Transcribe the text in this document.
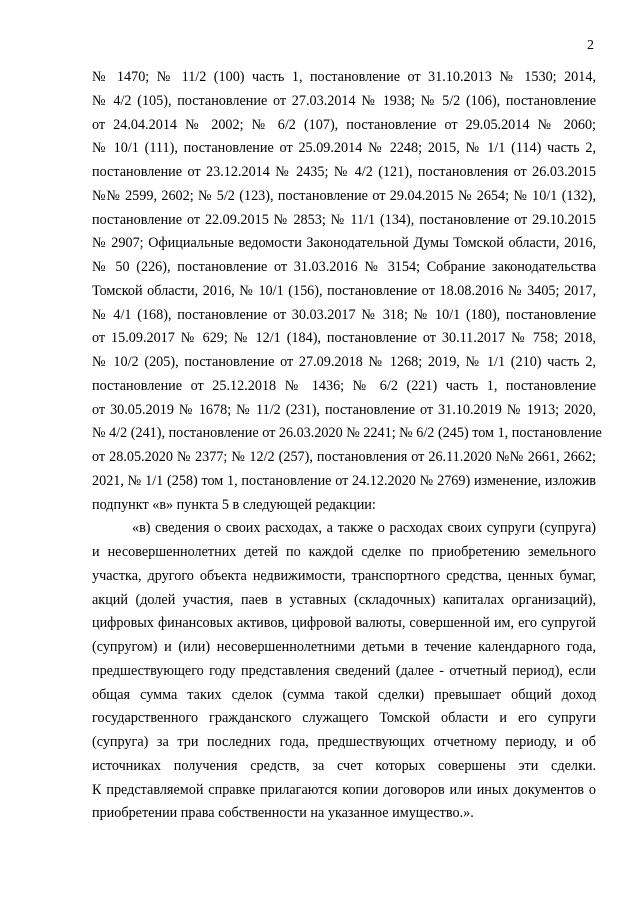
2
№ 1470; № 11/2 (100) часть 1, постановление от 31.10.2013 № 1530; 2014,
№ 4/2 (105), постановление от 27.03.2014 № 1938; № 5/2 (106), постановление
от 24.04.2014 № 2002; № 6/2 (107), постановление от 29.05.2014 № 2060;
№ 10/1 (111), постановление от 25.09.2014 № 2248; 2015, № 1/1 (114) часть 2,
постановление от 23.12.2014 № 2435; № 4/2 (121), постановления от 26.03.2015
№№ 2599, 2602; № 5/2 (123), постановление от 29.04.2015 № 2654; № 10/1 (132),
постановление от 22.09.2015 № 2853; № 11/1 (134), постановление от 29.10.2015
№ 2907; Официальные ведомости Законодательной Думы Томской области, 2016,
№ 50 (226), постановление от 31.03.2016 № 3154; Собрание законодательства
Томской области, 2016, № 10/1 (156), постановление от 18.08.2016 № 3405; 2017,
№ 4/1 (168), постановление от 30.03.2017 № 318; № 10/1 (180), постановление
от 15.09.2017 № 629; № 12/1 (184), постановление от 30.11.2017 № 758; 2018,
№ 10/2 (205), постановление от 27.09.2018 № 1268; 2019, № 1/1 (210) часть 2,
постановление от 25.12.2018 № 1436; № 6/2 (221) часть 1, постановление
от 30.05.2019 № 1678; № 11/2 (231), постановление от 31.10.2019 № 1913; 2020,
№ 4/2 (241), постановление от 26.03.2020 № 2241; № 6/2 (245) том 1, постановление
от 28.05.2020 № 2377; № 12/2 (257), постановления от 26.11.2020 №№ 2661, 2662;
2021, № 1/1 (258) том 1, постановление от 24.12.2020 № 2769) изменение, изложив
подпункт «в» пункта 5 в следующей редакции:
«в) сведения о своих расходах, а также о расходах своих супруги (супруга)
и несовершеннолетних детей по каждой сделке по приобретению земельного
участка, другого объекта недвижимости, транспортного средства, ценных бумаг,
акций (долей участия, паев в уставных (складочных) капиталах организаций),
цифровых финансовых активов, цифровой валюты, совершенной им, его супругой
(супругом) и (или) несовершеннолетними детьми в течение календарного года,
предшествующего году представления сведений (далее - отчетный период), если
общая сумма таких сделок (сумма такой сделки) превышает общий доход
государственного гражданского служащего Томской области и его супруги
(супруга) за три последних года, предшествующих отчетному периоду, и об
источниках получения средств, за счет которых совершены эти сделки.
К представляемой справке прилагаются копии договоров или иных документов о
приобретении права собственности на указанное имущество.».
